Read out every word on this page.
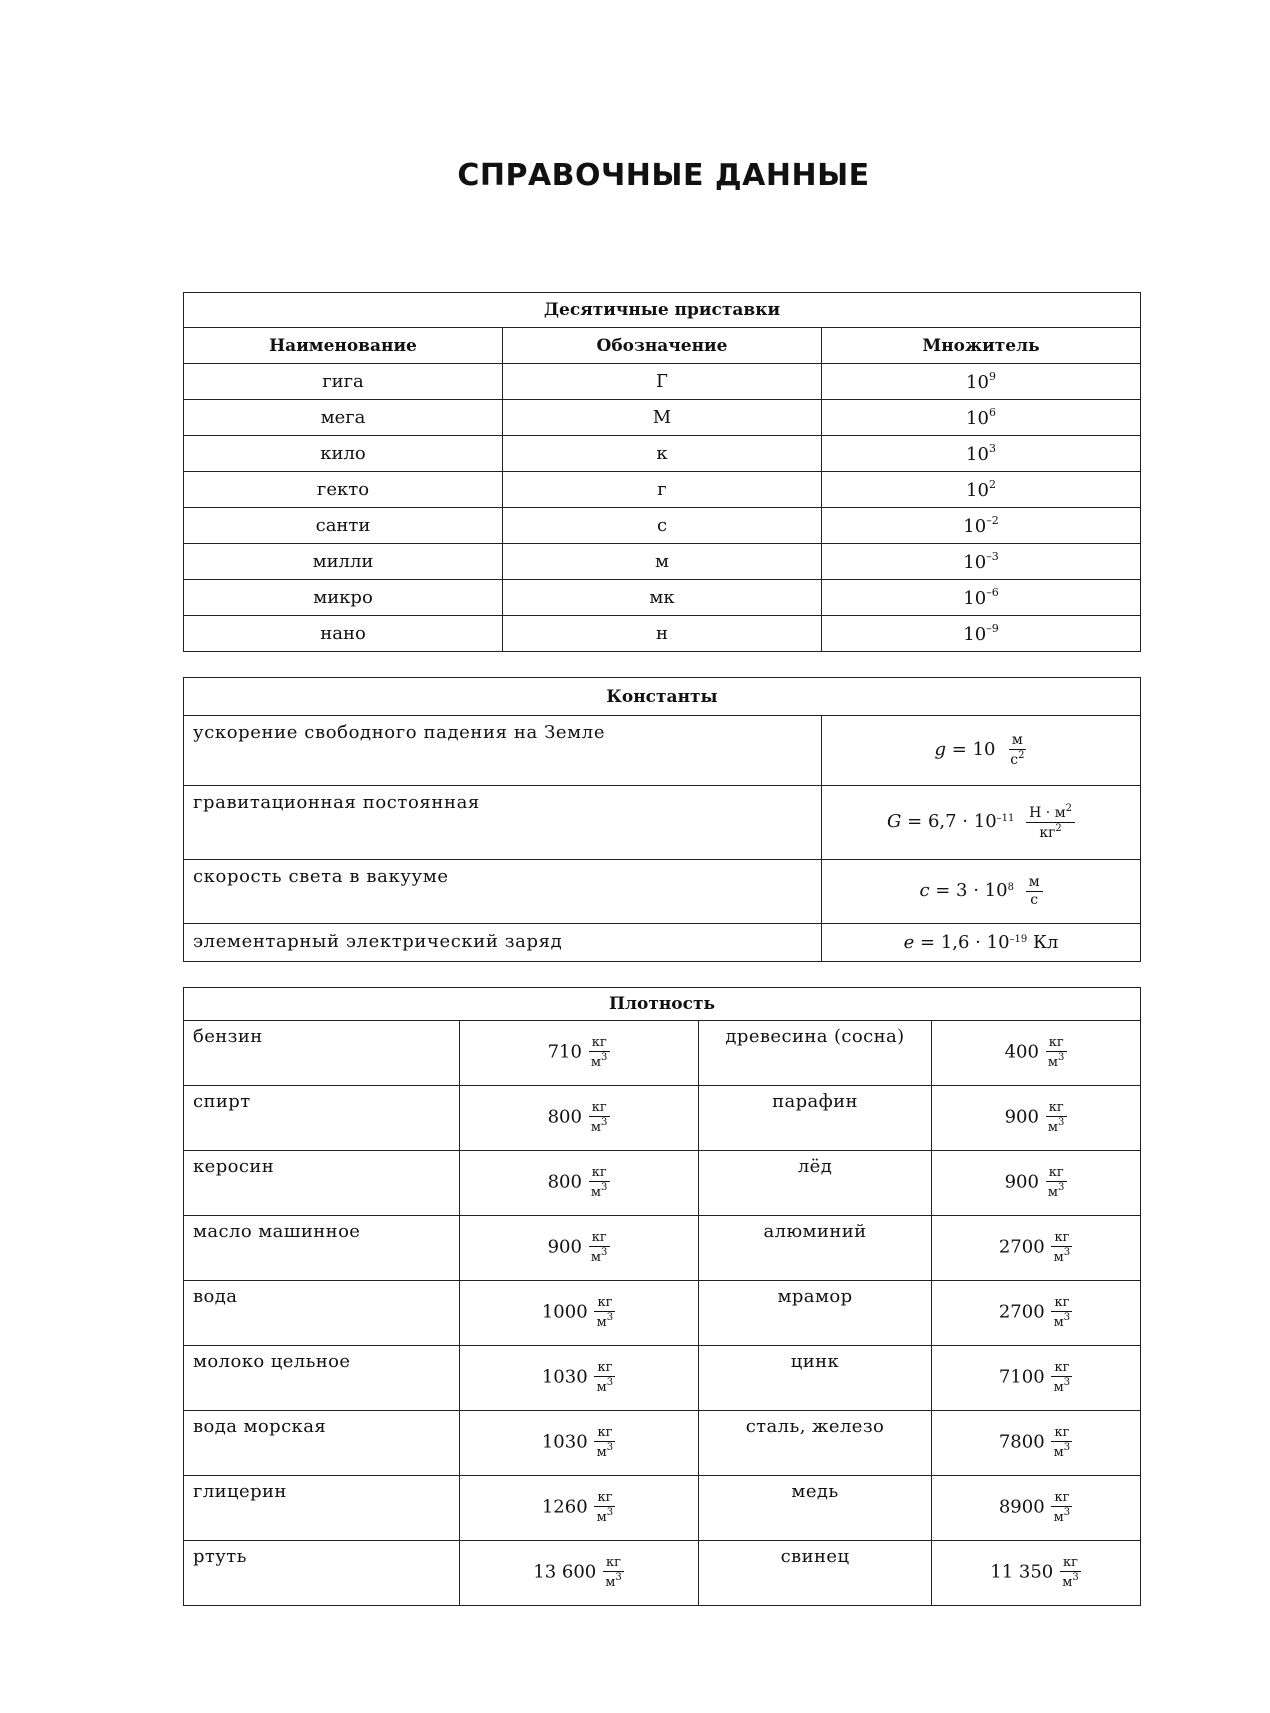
СПРАВОЧНЫЕ ДАННЫЕ
Десятичные приставки		
Наименование	Обозначение	Множитель
гига	Г	$10^9$
мега	М	$10^6$
кило	к	$10^3$
гекто	г	$10^2$
санти	с	$10^{-2}$
милли	м	$10^{-3}$
микро	мк	$10^{-6}$
нано	н	$10^{-9}$
Константы	
ускорение свободного падения на Земле	$g = 10 \frac{м}{с^2}$

гравитационная постоянная	$G = 6,7 \cdot 10^{-11} \frac{Н \cdot м^2}{кг^2}$

скорость света в вакууме	$c = 3 \cdot 10^8 \frac{м}{с}$

элементарный электрический заряд	$e = 1,6 \cdot 10^{-19}$ Кл
Плотность			
бензин	$710 \frac{кг}{м^3}$	древесина (сосна)	$400 \frac{кг}{м^3}$

спирт	$800 \frac{кг}{м^3}$	парафин	$900 \frac{кг}{м^3}$

керосин	$800 \frac{кг}{м^3}$	лёд	$900 \frac{кг}{м^3}$

масло машинное	$900 \frac{кг}{м^3}$	алюминий	$2700 \frac{кг}{м^3}$

вода	$1000 \frac{кг}{м^3}$	мрамор	$2700 \frac{кг}{м^3}$

молоко цельное	$1030 \frac{кг}{м^3}$	цинк	$7100 \frac{кг}{м^3}$

вода морская	$1030 \frac{кг}{м^3}$	сталь, железо	$7800 \frac{кг}{м^3}$

глицерин	$1260 \frac{кг}{м^3}$	медь	$8900 \frac{кг}{м^3}$

ртуть	13 $600 \frac{кг}{м^3}$	свинец	11 $350 \frac{кг}{м^3}$
